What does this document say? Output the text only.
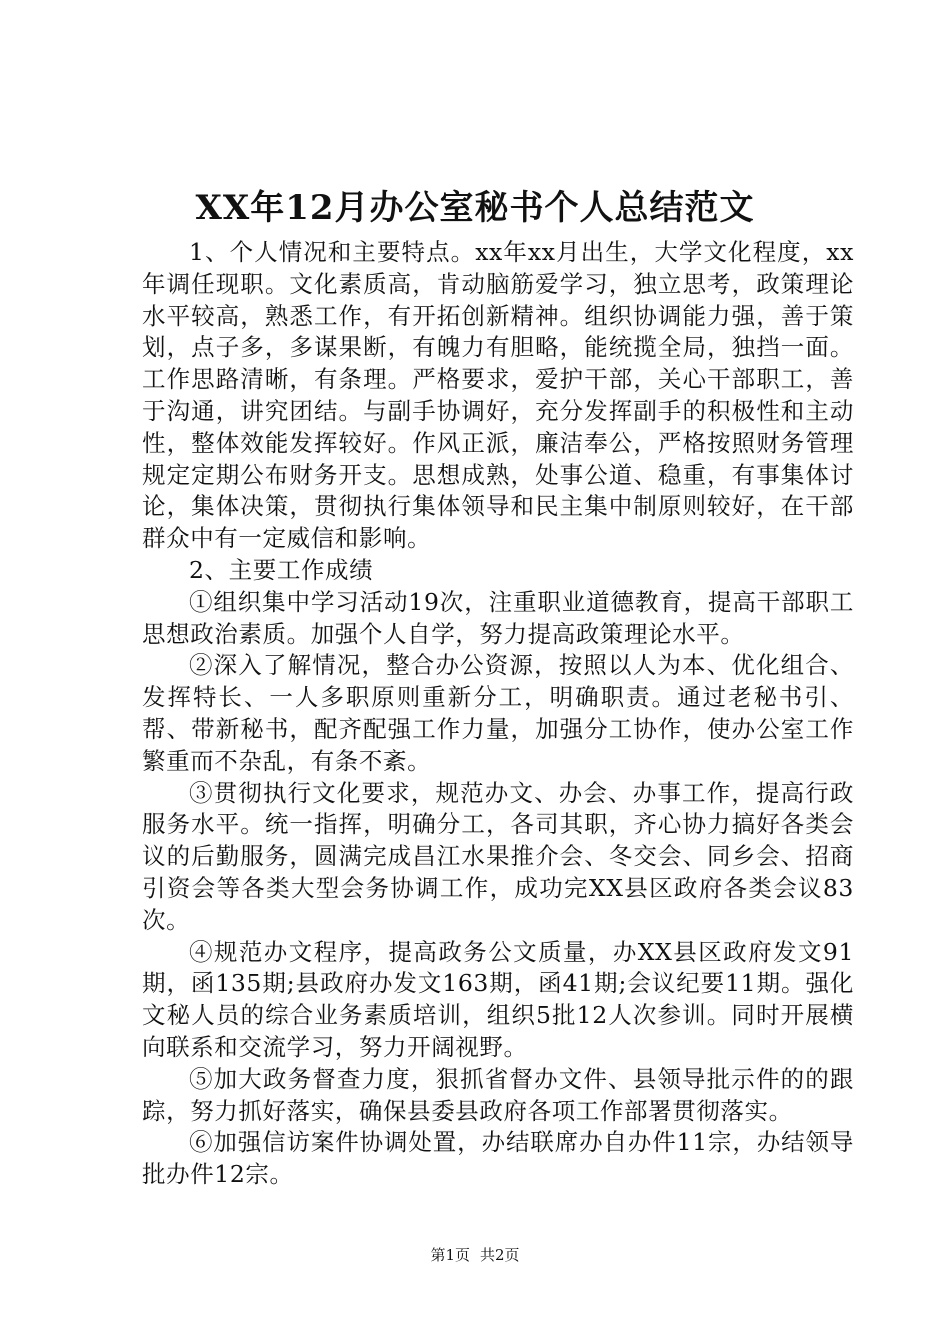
XX年12月办公室秘书个人总结范文

1、个人情况和主要特点。xx年xx月出生，大学文化程度，xx年调任现职。文化素质高，肯动脑筋爱学习，独立思考，政策理论水平较高，熟悉工作，有开拓创新精神。组织协调能力强，善于策划，点子多，多谋果断，有魄力有胆略，能统揽全局，独挡一面。工作思路清晰，有条理。严格要求，爱护干部，关心干部职工，善于沟通，讲究团结。与副手协调好，充分发挥副手的积极性和主动性，整体效能发挥较好。作风正派，廉洁奉公，严格按照财务管理规定定期公布财务开支。思想成熟，处事公道、稳重，有事集体讨论，集体决策，贯彻执行集体领导和民主集中制原则较好，在干部群众中有一定威信和影响。

2、主要工作成绩

①组织集中学习活动19次，注重职业道德教育，提高干部职工思想政治素质。加强个人自学，努力提高政策理论水平。

②深入了解情况，整合办公资源，按照以人为本、优化组合、发挥特长、一人多职原则重新分工，明确职责。通过老秘书引、帮、带新秘书，配齐配强工作力量，加强分工协作，使办公室工作繁重而不杂乱，有条不紊。

③贯彻执行文化要求，规范办文、办会、办事工作，提高行政服务水平。统一指挥，明确分工，各司其职，齐心协力搞好各类会议的后勤服务，圆满完成昌江水果推介会、冬交会、同乡会、招商引资会等各类大型会务协调工作，成功完XX县区政府各类会议83次。

④规范办文程序，提高政务公文质量，办XX县区政府发文91期，函135期;县政府办发文163期，函41期;会议纪要11期。强化文秘人员的综合业务素质培训，组织5批12人次参训。同时开展横向联系和交流学习，努力开阔视野。

⑤加大政务督查力度，狠抓省督办文件、县领导批示件的的跟踪，努力抓好落实，确保县委县政府各项工作部署贯彻落实。

⑥加强信访案件协调处置，办结联席办自办件11宗，办结领导批办件12宗。

第1页 共2页
